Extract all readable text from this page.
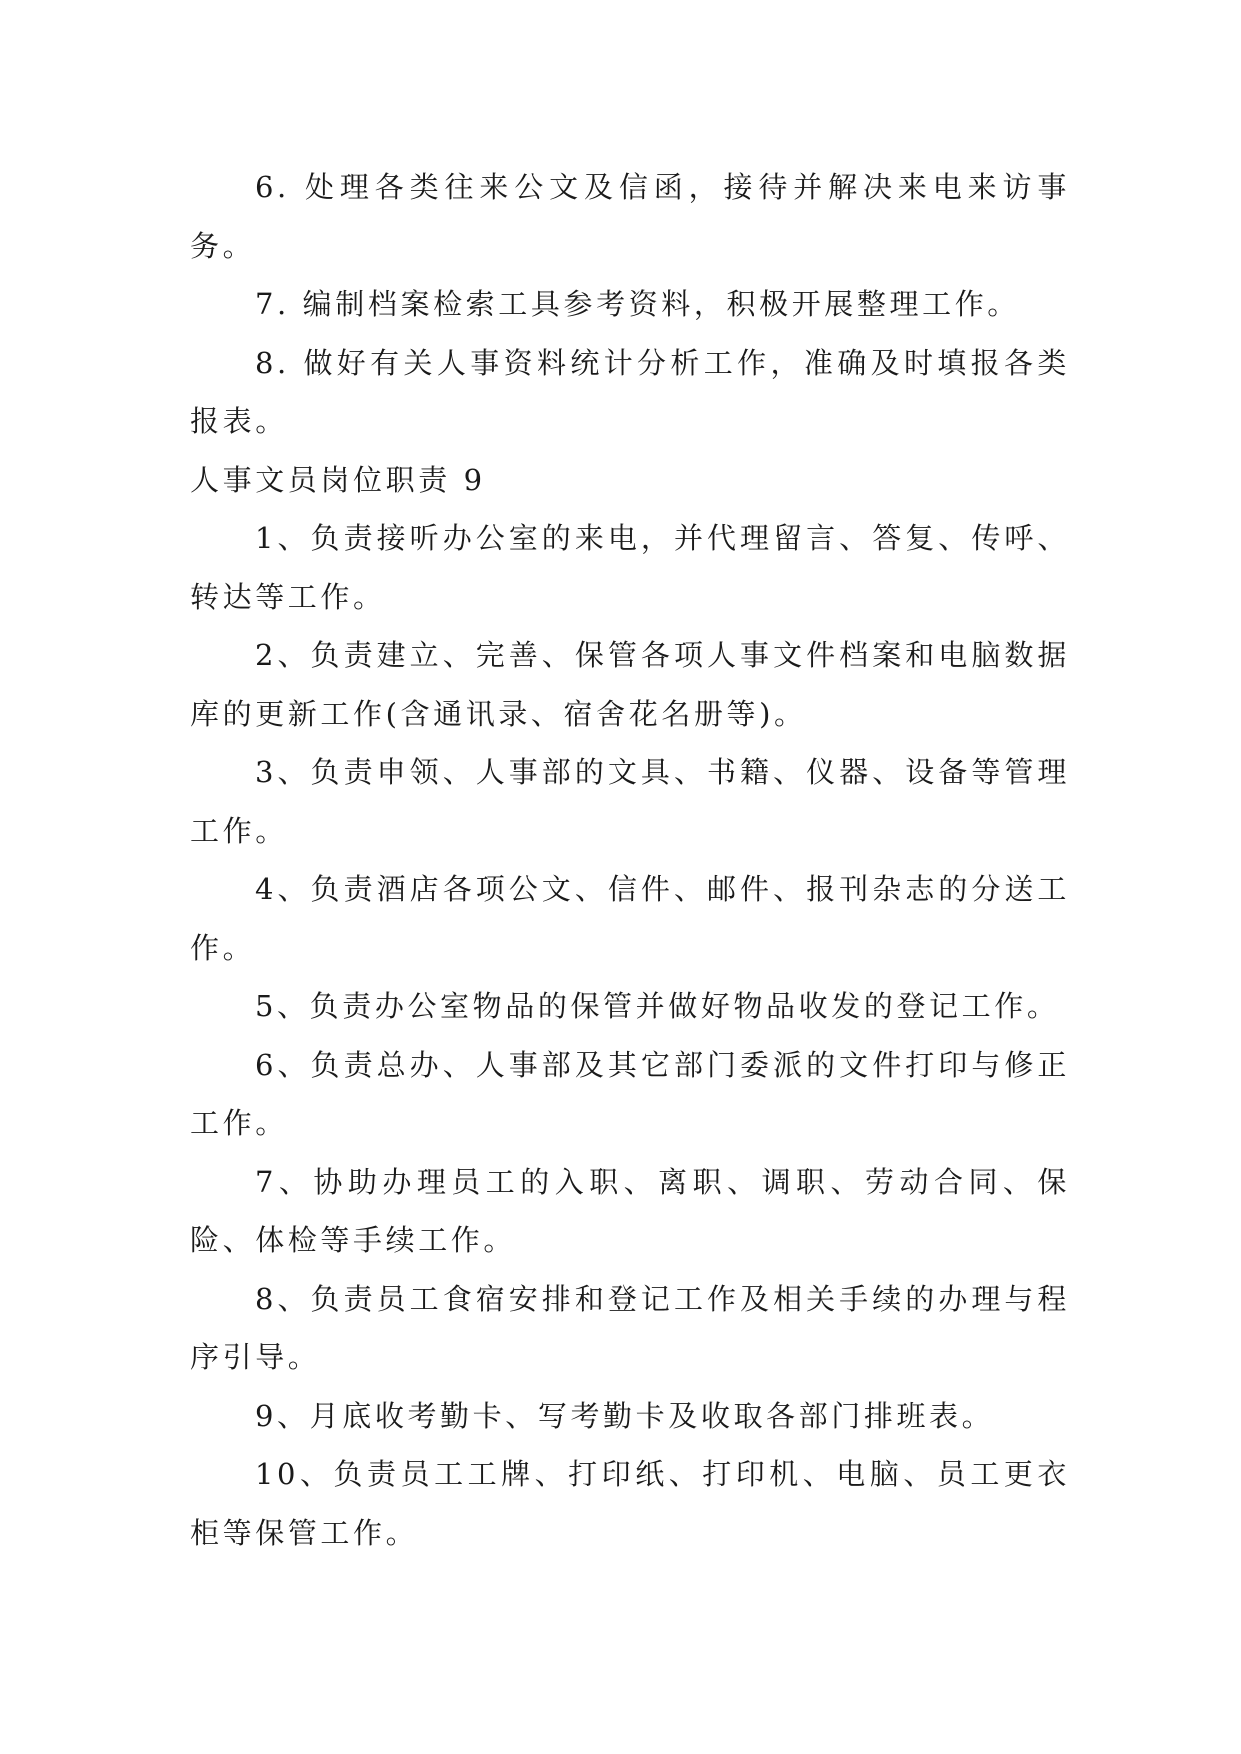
6. 处理各类往来公文及信函，接待并解决来电来访事务。

7. 编制档案检索工具参考资料，积极开展整理工作。

8. 做好有关人事资料统计分析工作，准确及时填报各类报表。

人事文员岗位职责 9

1、负责接听办公室的来电，并代理留言、答复、传呼、转达等工作。

2、负责建立、完善、保管各项人事文件档案和电脑数据库的更新工作(含通讯录、宿舍花名册等)。

3、负责申领、人事部的文具、书籍、仪器、设备等管理工作。

4、负责酒店各项公文、信件、邮件、报刊杂志的分送工作。

5、负责办公室物品的保管并做好物品收发的登记工作。

6、负责总办、人事部及其它部门委派的文件打印与修正工作。

7、协助办理员工的入职、离职、调职、劳动合同、保险、体检等手续工作。

8、负责员工食宿安排和登记工作及相关手续的办理与程序引导。

9、月底收考勤卡、写考勤卡及收取各部门排班表。

10、负责员工工牌、打印纸、打印机、电脑、员工更衣柜等保管工作。
